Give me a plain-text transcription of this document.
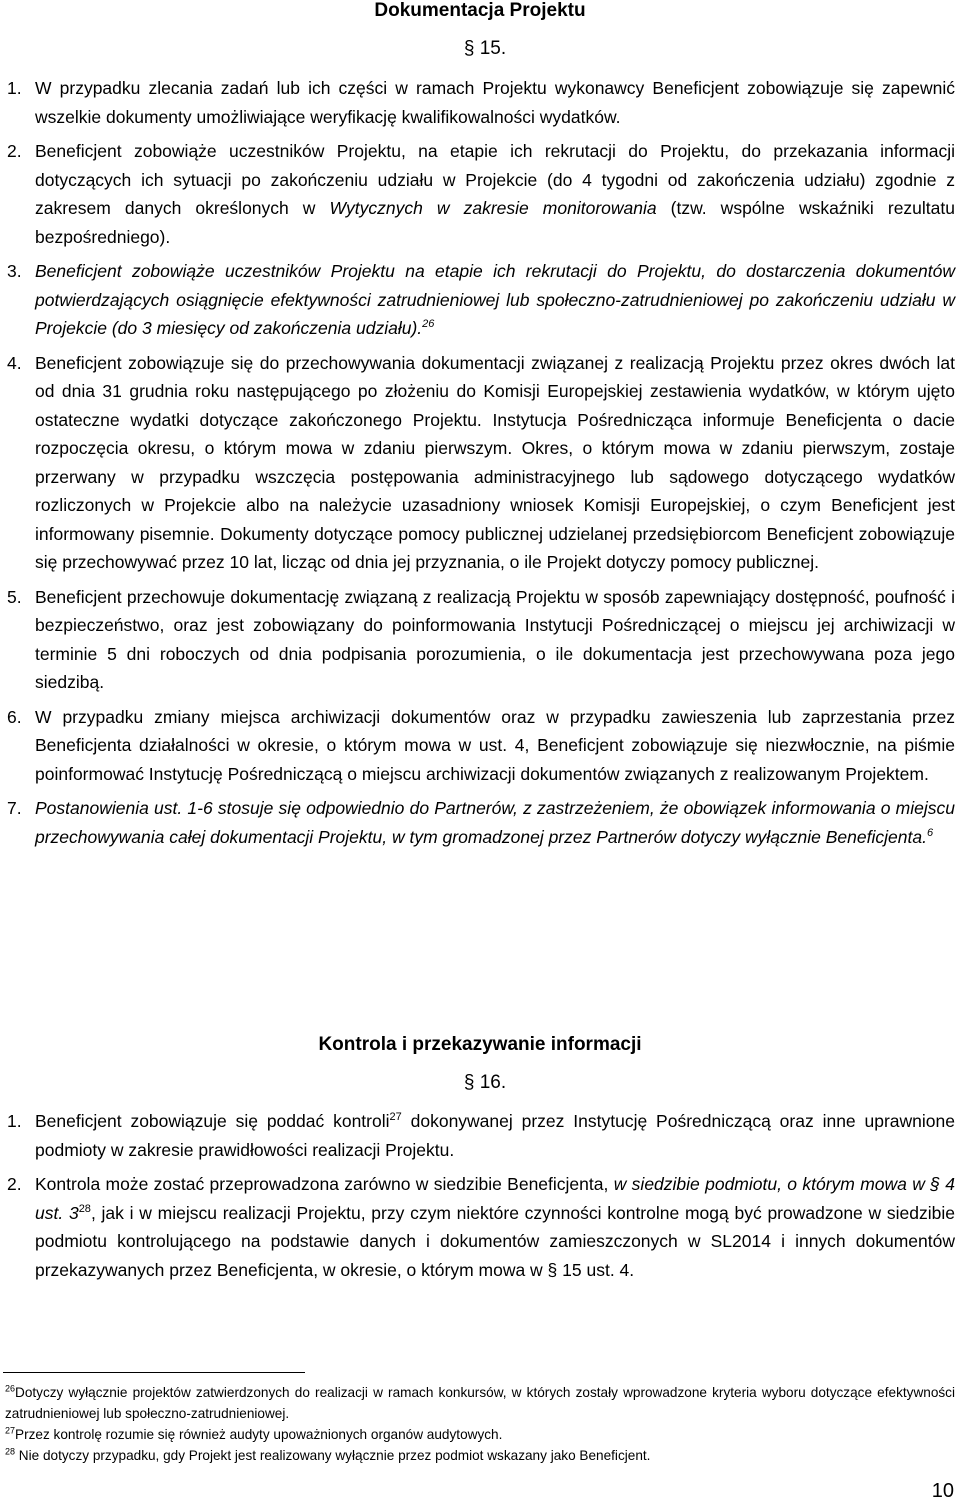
Dokumentacja Projektu
§ 15.
1. W przypadku zlecania zadań lub ich części w ramach Projektu wykonawcy Beneficjent zobowiązuje się zapewnić wszelkie dokumenty umożliwiające weryfikację kwalifikowalności wydatków.
2. Beneficjent zobowiąże uczestników Projektu, na etapie ich rekrutacji do Projektu, do przekazania informacji dotyczących ich sytuacji po zakończeniu udziału w Projekcie (do 4 tygodni od zakończenia udziału) zgodnie z zakresem danych określonych w Wytycznych w zakresie monitorowania (tzw. wspólne wskaźniki rezultatu bezpośredniego).
3. Beneficjent zobowiąże uczestników Projektu na etapie ich rekrutacji do Projektu, do dostarczenia dokumentów potwierdzających osiągnięcie efektywności zatrudnieniowej lub społeczno-zatrudnieniowej po zakończeniu udziału w Projekcie (do 3 miesięcy od zakończenia udziału).$^{26}$
4. Beneficjent zobowiązuje się do przechowywania dokumentacji związanej z realizacją Projektu przez okres dwóch lat od dnia 31 grudnia roku następującego po złożeniu do Komisji Europejskiej zestawienia wydatków, w którym ujęto ostateczne wydatki dotyczące zakończonego Projektu. Instytucja Pośrednicząca informuje Beneficjenta o dacie rozpoczęcia okresu, o którym mowa w zdaniu pierwszym. Okres, o którym mowa w zdaniu pierwszym, zostaje przerwany w przypadku wszczęcia postępowania administracyjnego lub sądowego dotyczącego wydatków rozliczonych w Projekcie albo na należycie uzasadniony wniosek Komisji Europejskiej, o czym Beneficjent jest informowany pisemnie. Dokumenty dotyczące pomocy publicznej udzielanej przedsiębiorcom Beneficjent zobowiązuje się przechowywać przez 10 lat, licząc od dnia jej przyznania, o ile Projekt dotyczy pomocy publicznej.
5. Beneficjent przechowuje dokumentację związaną z realizacją Projektu w sposób zapewniający dostępność, poufność i bezpieczeństwo, oraz jest zobowiązany do poinformowania Instytucji Pośredniczącej o miejscu jej archiwizacji w terminie 5 dni roboczych od dnia podpisania porozumienia, o ile dokumentacja jest przechowywana poza jego siedzibą.
6. W przypadku zmiany miejsca archiwizacji dokumentów oraz w przypadku zawieszenia lub zaprzestania przez Beneficjenta działalności w okresie, o którym mowa w ust. 4, Beneficjent zobowiązuje się niezwłocznie, na piśmie poinformować Instytucję Pośredniczącą o miejscu archiwizacji dokumentów związanych z realizowanym Projektem.
7. Postanowienia ust. 1-6 stosuje się odpowiednio do Partnerów, z zastrzeżeniem, że obowiązek informowania o miejscu przechowywania całej dokumentacji Projektu, w tym gromadzonej przez Partnerów dotyczy wyłącznie Beneficjenta.$^6$
Kontrola i przekazywanie informacji
§ 16.
1. Beneficjent zobowiązuje się poddać kontroli$^{27}$ dokonywanej przez Instytucję Pośredniczącą oraz inne uprawnione podmioty w zakresie prawidłowości realizacji Projektu.
2. Kontrola może zostać przeprowadzona zarówno w siedzibie Beneficjenta, w siedzibie podmiotu, o którym mowa w § 4 ust. $3^{28}$, jak i w miejscu realizacji Projektu, przy czym niektóre czynności kontrolne mogą być prowadzone w siedzibie podmiotu kontrolującego na podstawie danych i dokumentów zamieszczonych w SL2014 i innych dokumentów przekazywanych przez Beneficjenta, w okresie, o którym mowa w § 15 ust. 4.

$^{26}$Dotyczy wyłącznie projektów zatwierdzonych do realizacji w ramach konkursów, w których zostały wprowadzone kryteria wyboru dotyczące efektywności zatrudnieniowej lub społeczno-zatrudnieniowej.

$^{27}$Przez kontrolę rozumie się również audyty upoważnionych organów audytowych.

$^{28}$ Nie dotyczy przypadku, gdy Projekt jest realizowany wyłącznie przez podmiot wskazany jako Beneficjent.

10
